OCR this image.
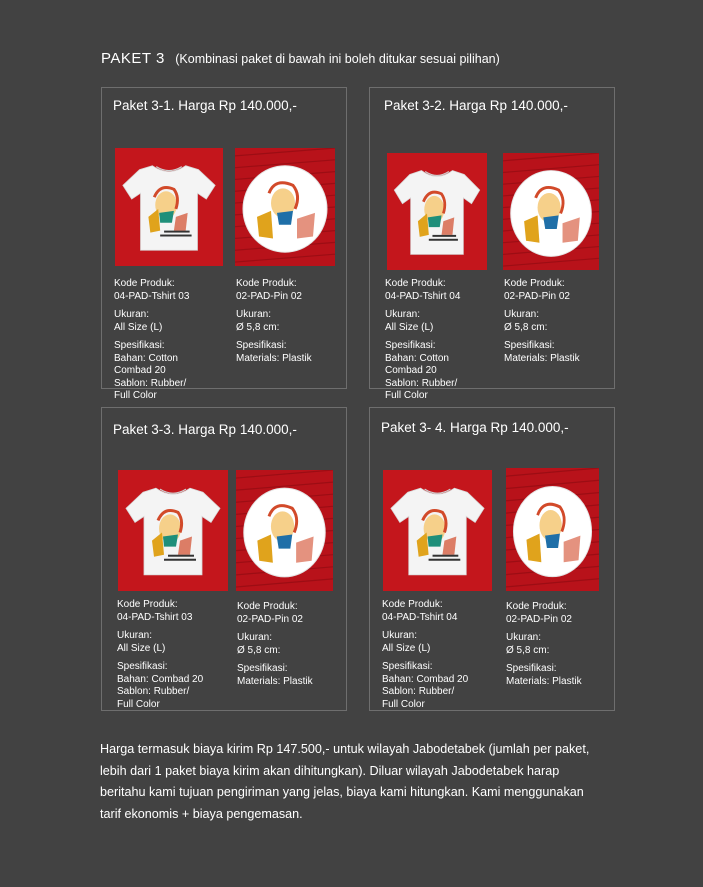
PAKET 3 (Kombinasi paket di bawah ini boleh ditukar sesuai pilihan)
Paket 3-1. Harga Rp 140.000,-
Kode Produk:
04-PAD-Tshirt 03
Ukuran:
All Size (L)
Spesifikasi:
Bahan: Cotton
Combad 20
Sablon: Rubber/
Full Color
Kode Produk:
02-PAD-Pin 02
Ukuran:
Ø 5,8 cm:
Spesifikasi:
Materials: Plastik
Paket 3-2. Harga Rp 140.000,-
Kode Produk:
04-PAD-Tshirt 04
Ukuran:
All Size (L)
Spesifikasi:
Bahan: Cotton
Combad 20
Sablon: Rubber/
Full Color
Kode Produk:
02-PAD-Pin 02
Ukuran:
Ø 5,8 cm:
Spesifikasi:
Materials: Plastik
Paket 3-3. Harga Rp 140.000,-
Kode Produk:
04-PAD-Tshirt 03
Ukuran:
All Size (L)
Spesifikasi:
Bahan: Combad 20
Sablon: Rubber/
Full Color
Kode Produk:
02-PAD-Pin 02
Ukuran:
Ø 5,8 cm:
Spesifikasi:
Materials: Plastik
Paket 3- 4. Harga Rp 140.000,-
Kode Produk:
04-PAD-Tshirt 04
Ukuran:
All Size (L)
Spesifikasi:
Bahan: Combad 20
Sablon: Rubber/
Full Color
Kode Produk:
02-PAD-Pin 02
Ukuran:
Ø 5,8 cm:
Spesifikasi:
Materials: Plastik
Harga termasuk biaya kirim Rp 147.500,- untuk wilayah Jabodetabek (jumlah per paket,
lebih dari 1 paket biaya kirim akan dihitungkan). Diluar wilayah Jabodetabek harap
beritahu kami tujuan pengiriman yang jelas, biaya kami hitungkan. Kami menggunakan
tarif ekonomis + biaya pengemasan.
